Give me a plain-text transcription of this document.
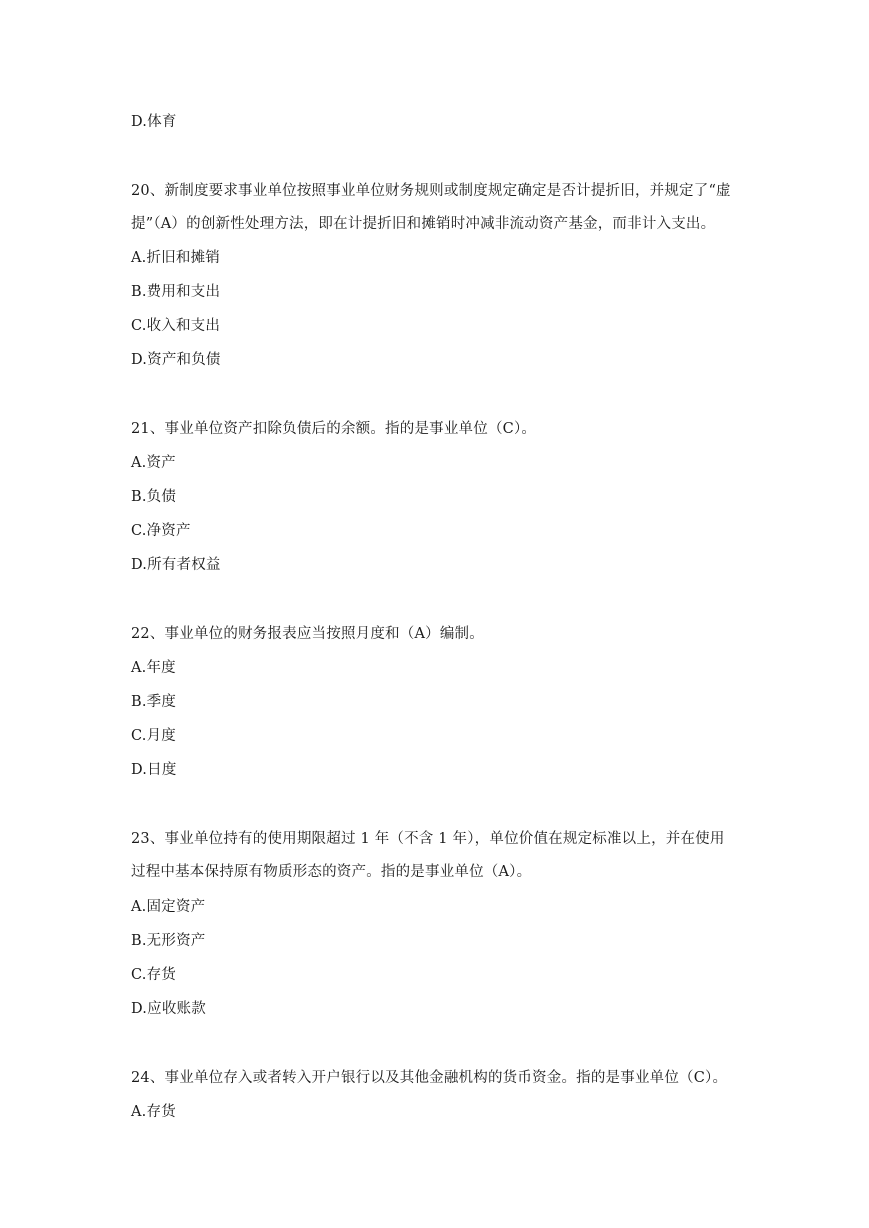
D.体育
20、新制度要求事业单位按照事业单位财务规则或制度规定确定是否计提折旧，并规定了“虚
提”（A）的创新性处理方法，即在计提折旧和摊销时冲减非流动资产基金，而非计入支出。
A.折旧和摊销
B.费用和支出
C.收入和支出
D.资产和负债
21、事业单位资产扣除负债后的余额。指的是事业单位（C）。
A.资产
B.负债
C.净资产
D.所有者权益
22、事业单位的财务报表应当按照月度和（A）编制。
A.年度
B.季度
C.月度
D.日度
23、事业单位持有的使用期限超过 1 年（不含 1 年），单位价值在规定标准以上，并在使用
过程中基本保持原有物质形态的资产。指的是事业单位（A）。
A.固定资产
B.无形资产
C.存货
D.应收账款
24、事业单位存入或者转入开户银行以及其他金融机构的货币资金。指的是事业单位（C）。
A.存货
